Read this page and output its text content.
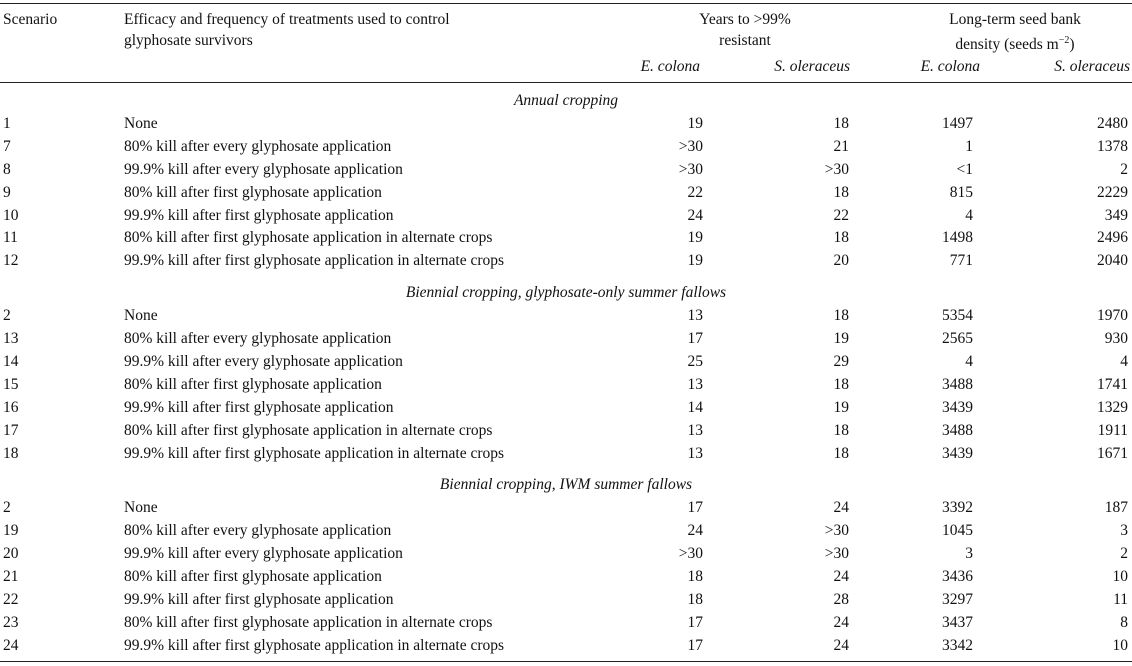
Scenario	Efficacy and frequency of treatments used to control
glyphosate survivors
Years to >99%
resistant
Long-term seed bank
density (seeds $m^{-2}$)
E. colona	S. oleraceus	E. colona	S. oleraceus
Annual cropping
1	None	19	18	1497	2480
7	80% kill after every glyphosate application	>30	21	1	1378
8	99.9% kill after every glyphosate application	>30	>30	<1	2
9	80% kill after first glyphosate application	22	18	815	2229
10	99.9% kill after first glyphosate application	24	22	4	349
11	80% kill after first glyphosate application in alternate crops	19	18	1498	2496
12	99.9% kill after first glyphosate application in alternate crops	19	20	771	2040
Biennial cropping, glyphosate-only summer fallows
2	None	13	18	5354	1970
13	80% kill after every glyphosate application	17	19	2565	930
14	99.9% kill after every glyphosate application	25	29	4	4
15	80% kill after first glyphosate application	13	18	3488	1741
16	99.9% kill after first glyphosate application	14	19	3439	1329
17	80% kill after first glyphosate application in alternate crops	13	18	3488	1911
18	99.9% kill after first glyphosate application in alternate crops	13	18	3439	1671
Biennial cropping, IWM summer fallows
2	None	17	24	3392	187
19	80% kill after every glyphosate application	24	>30	1045	3
20	99.9% kill after every glyphosate application	>30	>30	3	2
21	80% kill after first glyphosate application	18	24	3436	10
22	99.9% kill after first glyphosate application	18	28	3297	11
23	80% kill after first glyphosate application in alternate crops	17	24	3437	8
24	99.9% kill after first glyphosate application in alternate crops	17	24	3342	10
